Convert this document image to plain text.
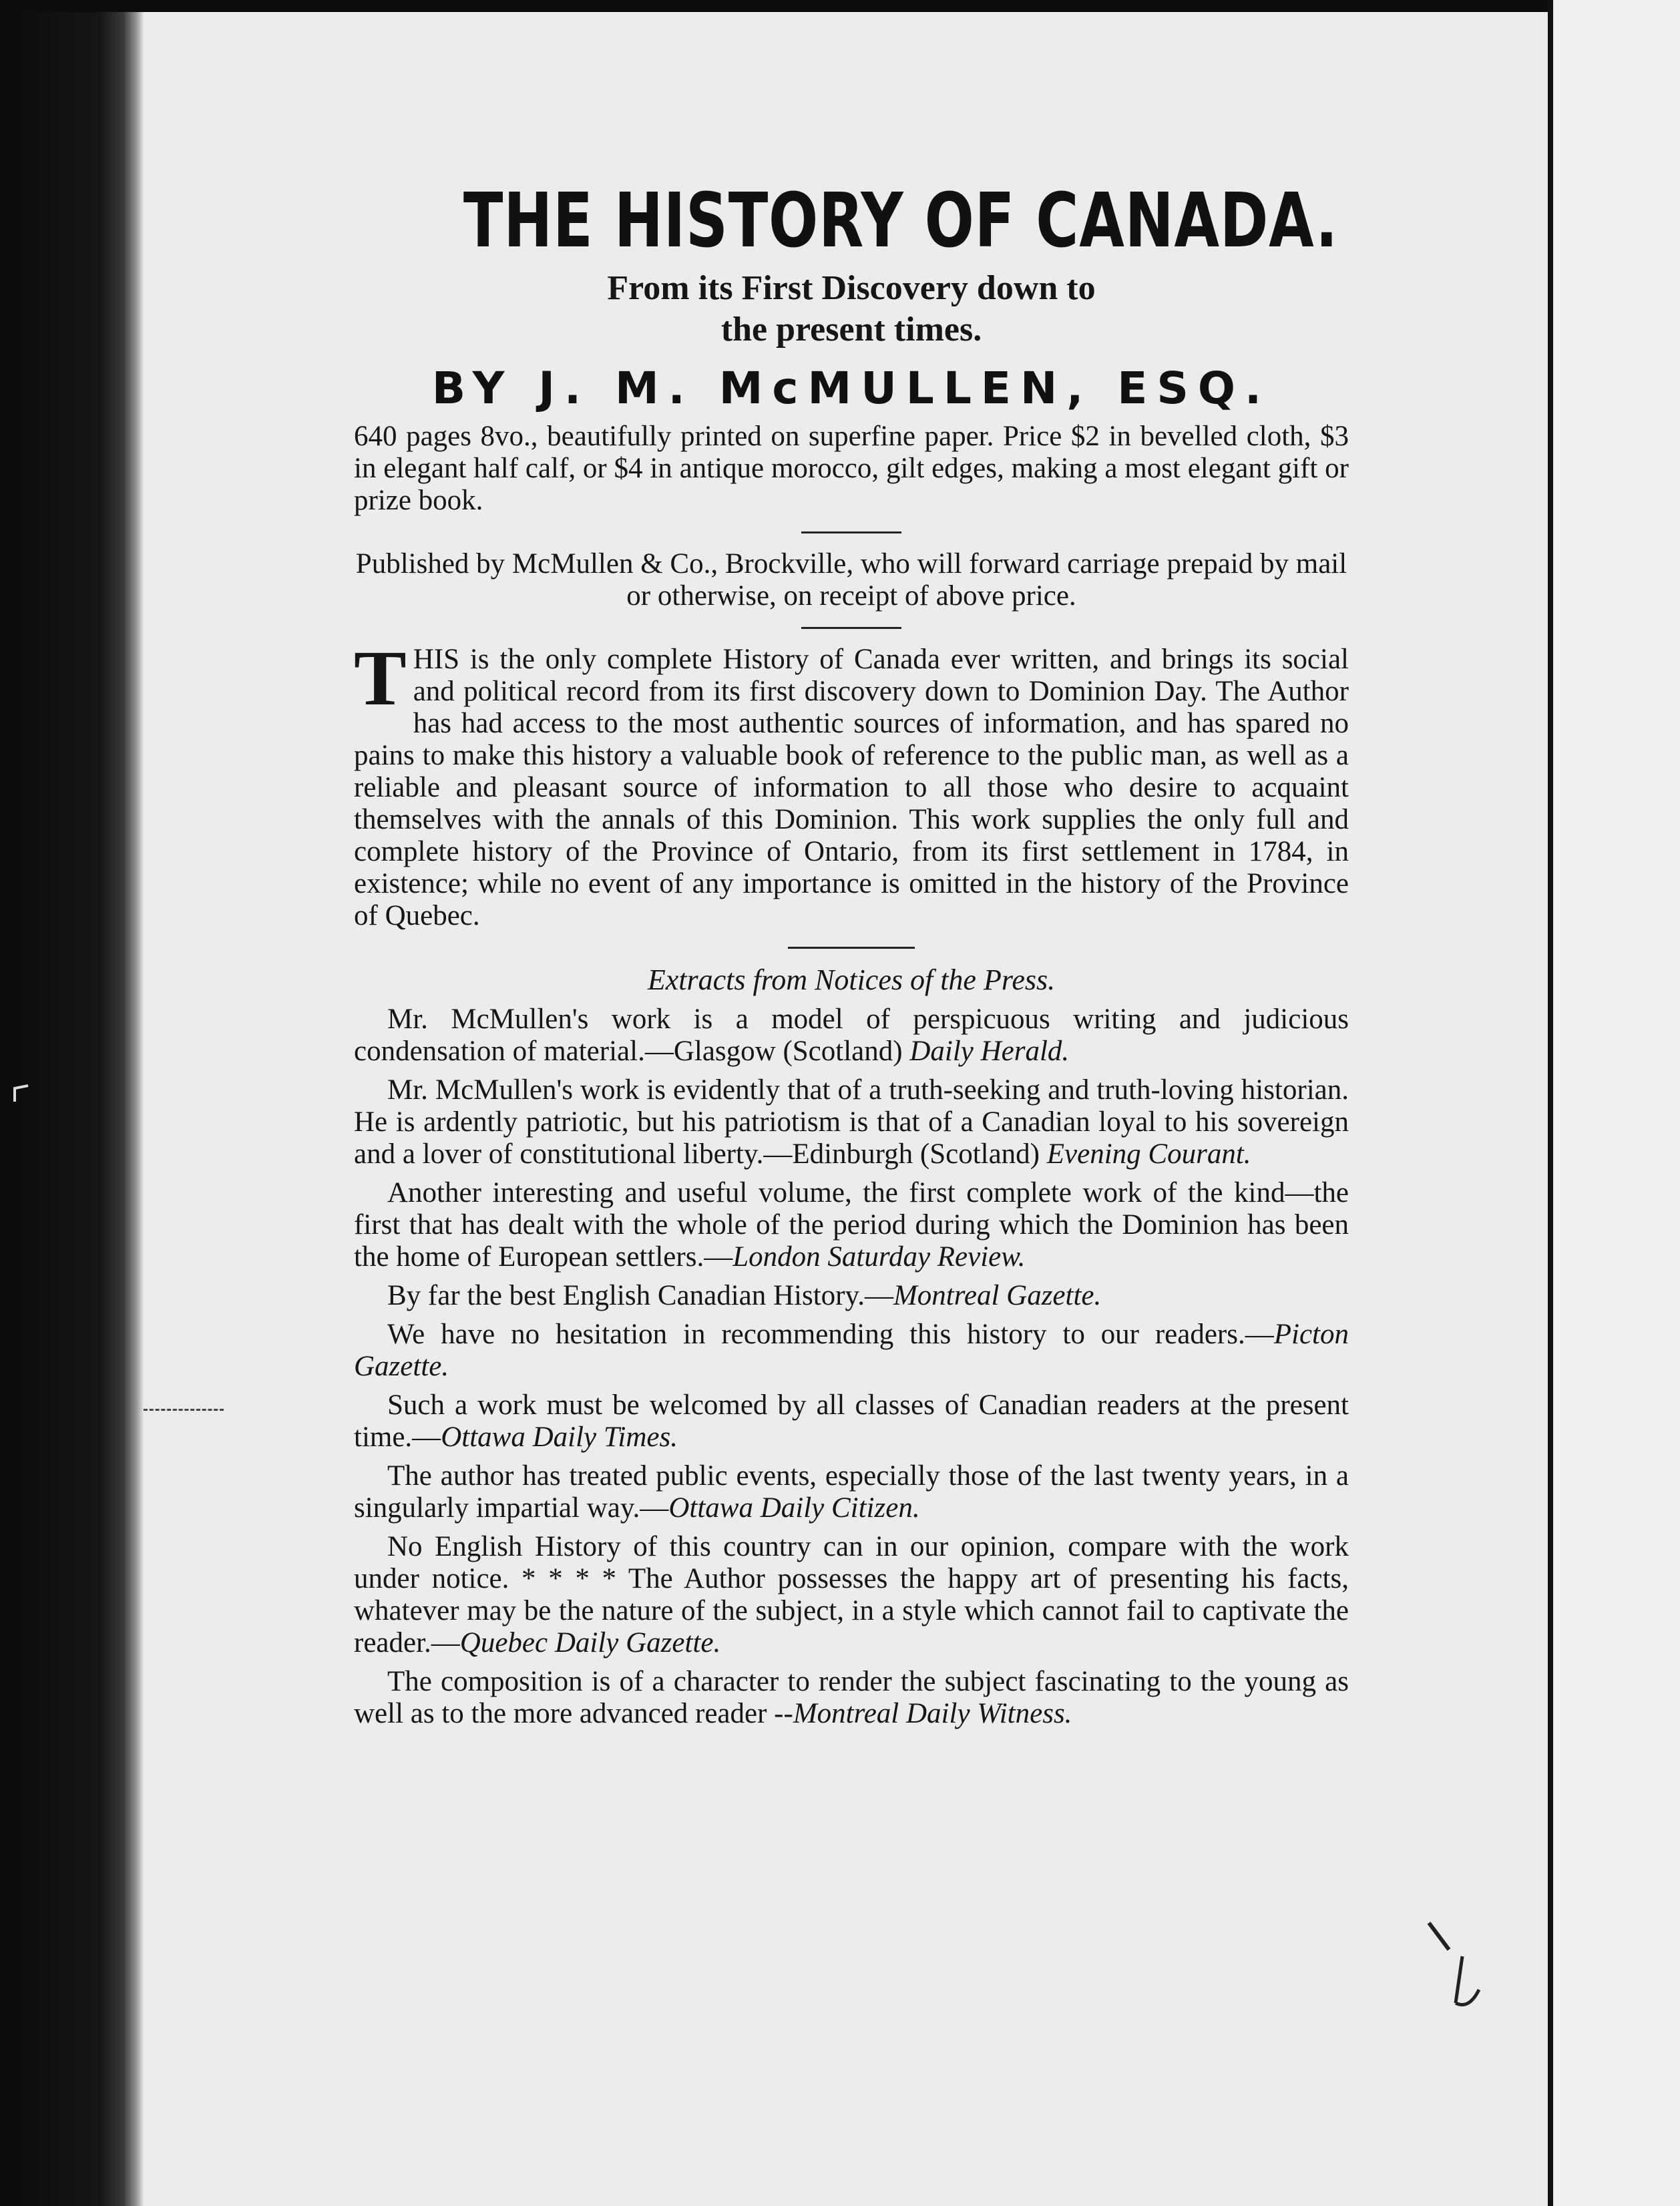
THE HISTORY OF CANADA.

From its First Discovery down to

the present times.

BY J. M. McMULLEN, ESQ.

640 pages 8vo., beautifully printed on superfine paper. Price $2 in bevelled cloth, $3 in elegant half calf, or $4 in antique morocco, gilt edges, making a most elegant gift or prize book.

Published by McMullen & Co., Brockville, who will forward carriage prepaid by mail or otherwise, on receipt of above price.

THIS is the only complete History of Canada ever written, and brings its social and political record from its first discovery down to Dominion Day. The Author has had access to the most authentic sources of information, and has spared no pains to make this history a valuable book of reference to the public man, as well as a reliable and pleasant source of information to all those who desire to acquaint themselves with the annals of this Dominion. This work supplies the only full and complete history of the Province of Ontario, from its first settlement in 1784, in existence; while no event of any importance is omitted in the history of the Province of Quebec.

Extracts from Notices of the Press.

Mr. McMullen's work is a model of perspicuous writing and judicious condensation of material.—Glasgow (Scotland) Daily Herald.

Mr. McMullen's work is evidently that of a truth-seeking and truth-loving historian. He is ardently patriotic, but his patriotism is that of a Canadian loyal to his sovereign and a lover of constitutional liberty.—Edinburgh (Scotland) Evening Courant.

Another interesting and useful volume, the first complete work of the kind—the first that has dealt with the whole of the period during which the Dominion has been the home of European settlers.—London Saturday Review.

By far the best English Canadian History.—Montreal Gazette.

We have no hesitation in recommending this history to our readers.—Picton Gazette.

Such a work must be welcomed by all classes of Canadian readers at the present time.—Ottawa Daily Times.

The author has treated public events, especially those of the last twenty years, in a singularly impartial way.—Ottawa Daily Citizen.

No English History of this country can in our opinion, compare with the work under notice. * * * * The Author possesses the happy art of presenting his facts, whatever may be the nature of the subject, in a style which cannot fail to captivate the reader.—Quebec Daily Gazette.

The composition is of a character to render the subject fascinating to the young as well as to the more advanced reader --Montreal Daily Witness.
